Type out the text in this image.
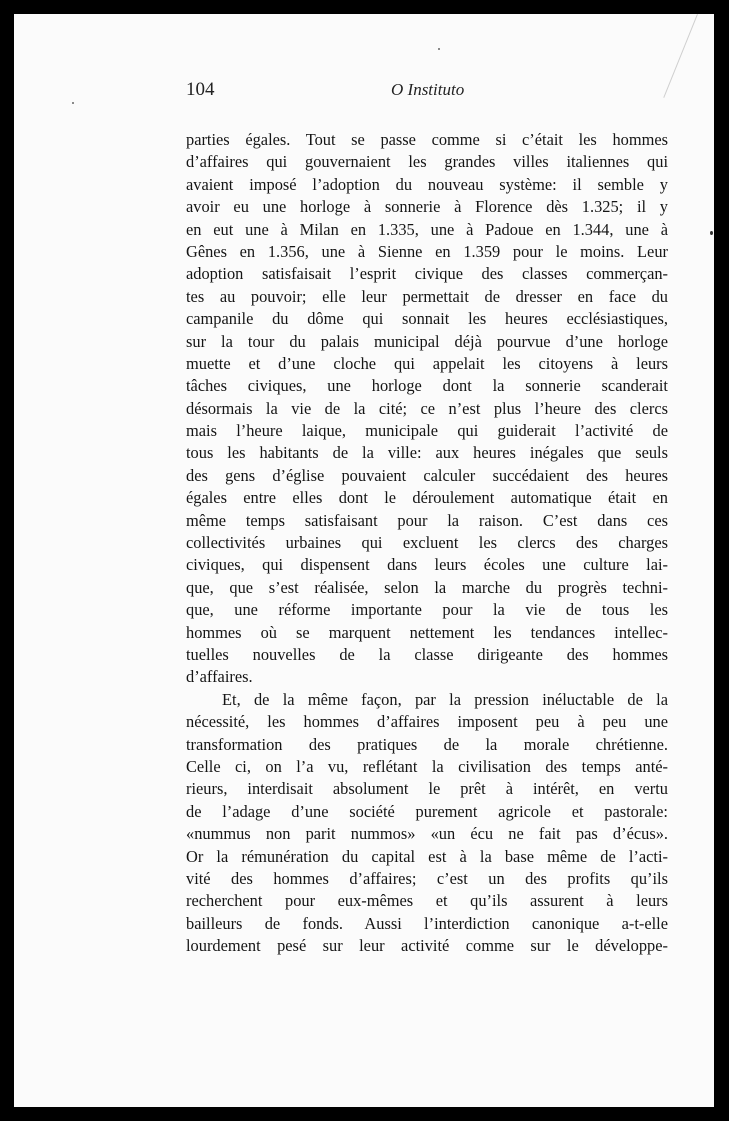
104	O Instituto
parties égales. Tout se passe comme si c’était les hommes
d’affaires qui gouvernaient les grandes villes italiennes qui
avaient imposé l’adoption du nouveau système: il semble y
avoir eu une horloge à sonnerie à Florence dès 1.325; il y
en eut une à Milan en 1.335, une à Padoue en 1.344, une à
Gênes en 1.356, une à Sienne en 1.359 pour le moins. Leur
adoption satisfaisait l’esprit civique des classes commerçan-
tes au pouvoir; elle leur permettait de dresser en face du
campanile du dôme qui sonnait les heures ecclésiastiques,
sur la tour du palais municipal déjà pourvue d’une horloge
muette et d’une cloche qui appelait les citoyens à leurs
tâches civiques, une horloge dont la sonnerie scanderait
désormais la vie de la cité; ce n’est plus l’heure des clercs
mais l’heure laique, municipale qui guiderait l’activité de
tous les habitants de la ville: aux heures inégales que seuls
des gens d’église pouvaient calculer succédaient des heures
égales entre elles dont le déroulement automatique était en
même temps satisfaisant pour la raison. C’est dans ces
collectivités urbaines qui excluent les clercs des charges
civiques, qui dispensent dans leurs écoles une culture lai-
que, que s’est réalisée, selon la marche du progrès techni-
que, une réforme importante pour la vie de tous les
hommes où se marquent nettement les tendances intellec-
tuelles nouvelles de la classe dirigeante des hommes
d’affaires.
Et, de la même façon, par la pression inéluctable de la
nécessité, les hommes d’affaires imposent peu à peu une
transformation des pratiques de la morale chrétienne.
Celle ci, on l’a vu, reflétant la civilisation des temps anté-
rieurs, interdisait absolument le prêt à intérêt, en vertu
de l’adage d’une société purement agricole et pastorale:
«nummus non parit nummos» «un écu ne fait pas d’écus».
Or la rémunération du capital est à la base même de l’acti-
vité des hommes d’affaires; c’est un des profits qu’ils
recherchent pour eux-mêmes et qu’ils assurent à leurs
bailleurs de fonds. Aussi l’interdiction canonique a-t-elle
lourdement pesé sur leur activité comme sur le développe-
